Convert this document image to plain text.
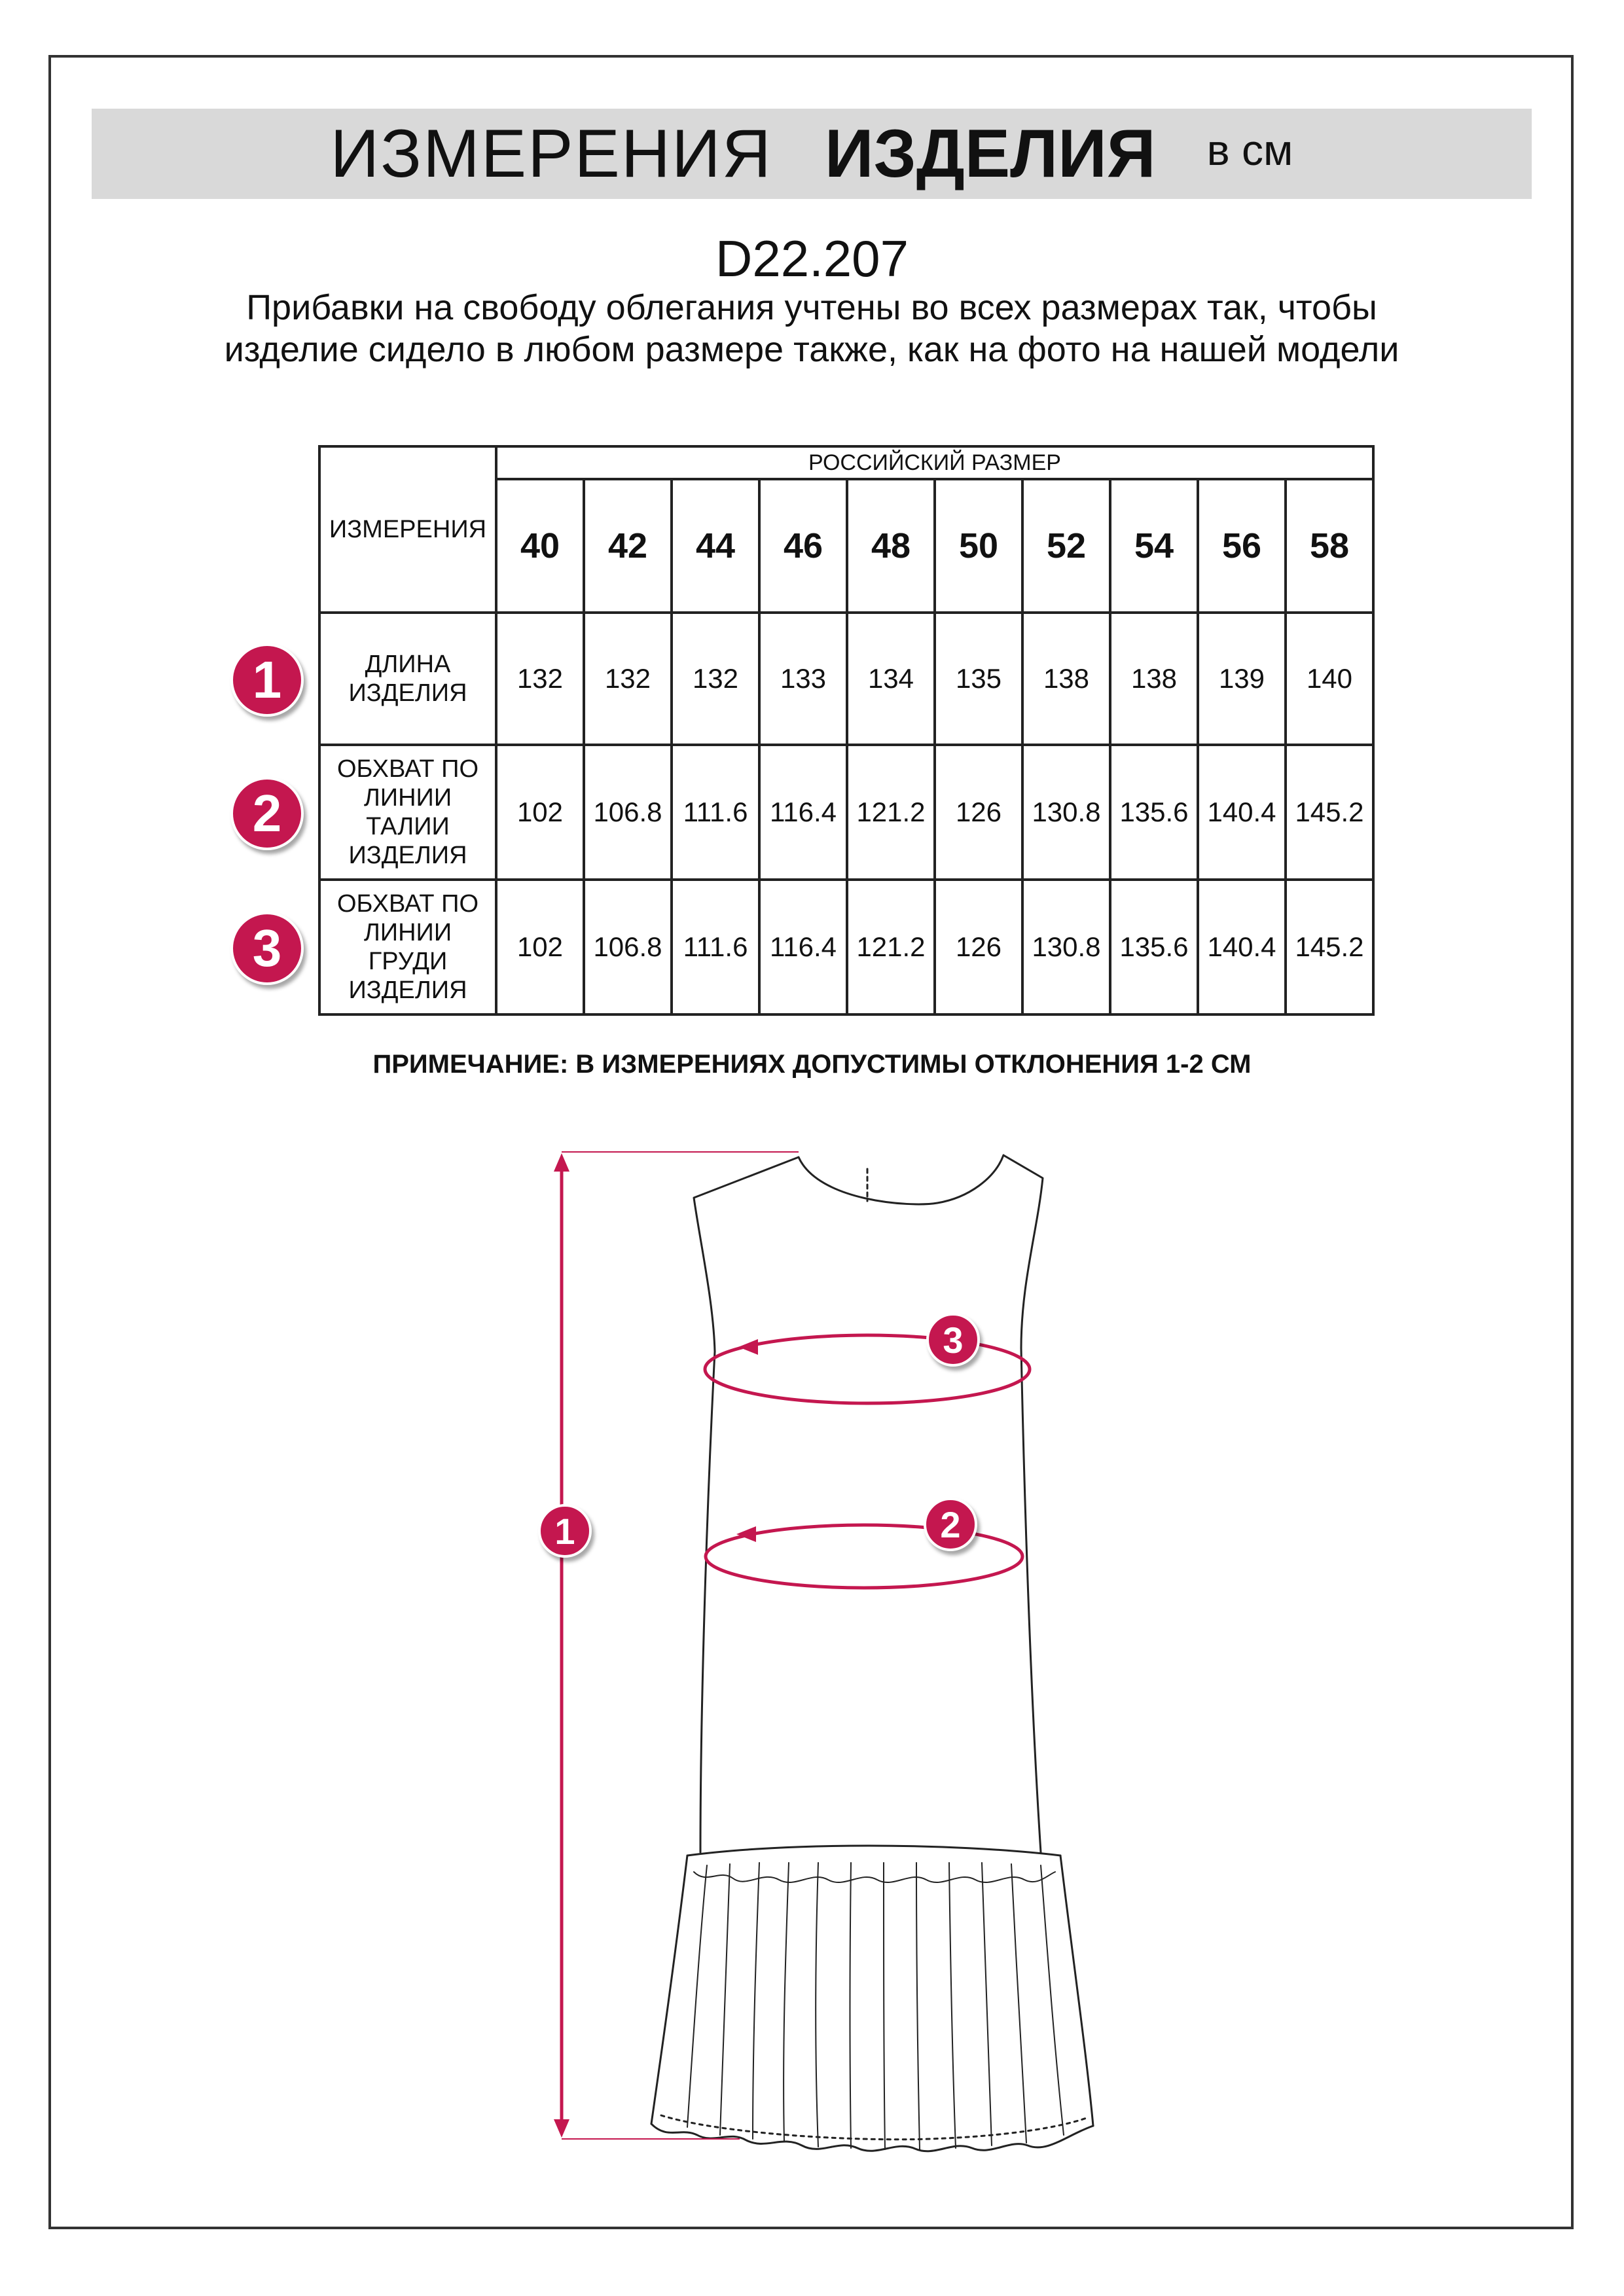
ИЗМЕРЕНИЯ ИЗДЕЛИЯ в см
D22.207
Прибавки на свободу облегания учтены во всех размерах так, чтобы изделие сидело в любом размере также, как на фото на нашей модели
ИЗМЕРЕНИЯ	РОССИЙСКИЙ РАЗМЕР									
	40	42	44	46	48	50	52	54	56	58
ДЛИНА ИЗДЕЛИЯ	132	132	132	133	134	135	138	138	139	140
ОБХВАТ ПО ЛИНИИ ТАЛИИ ИЗДЕЛИЯ	102	106.8	111.6	116.4	121.2	126	130.8	135.6	140.4	145.2
ОБХВАТ ПО ЛИНИИ ГРУДИ ИЗДЕЛИЯ	102	106.8	111.6	116.4	121.2	126	130.8	135.6	140.4	145.2
1
2
3
ПРИМЕЧАНИЕ: В ИЗМЕРЕНИЯХ ДОПУСТИМЫ ОТКЛОНЕНИЯ 1-2 СМ
1	2
3
